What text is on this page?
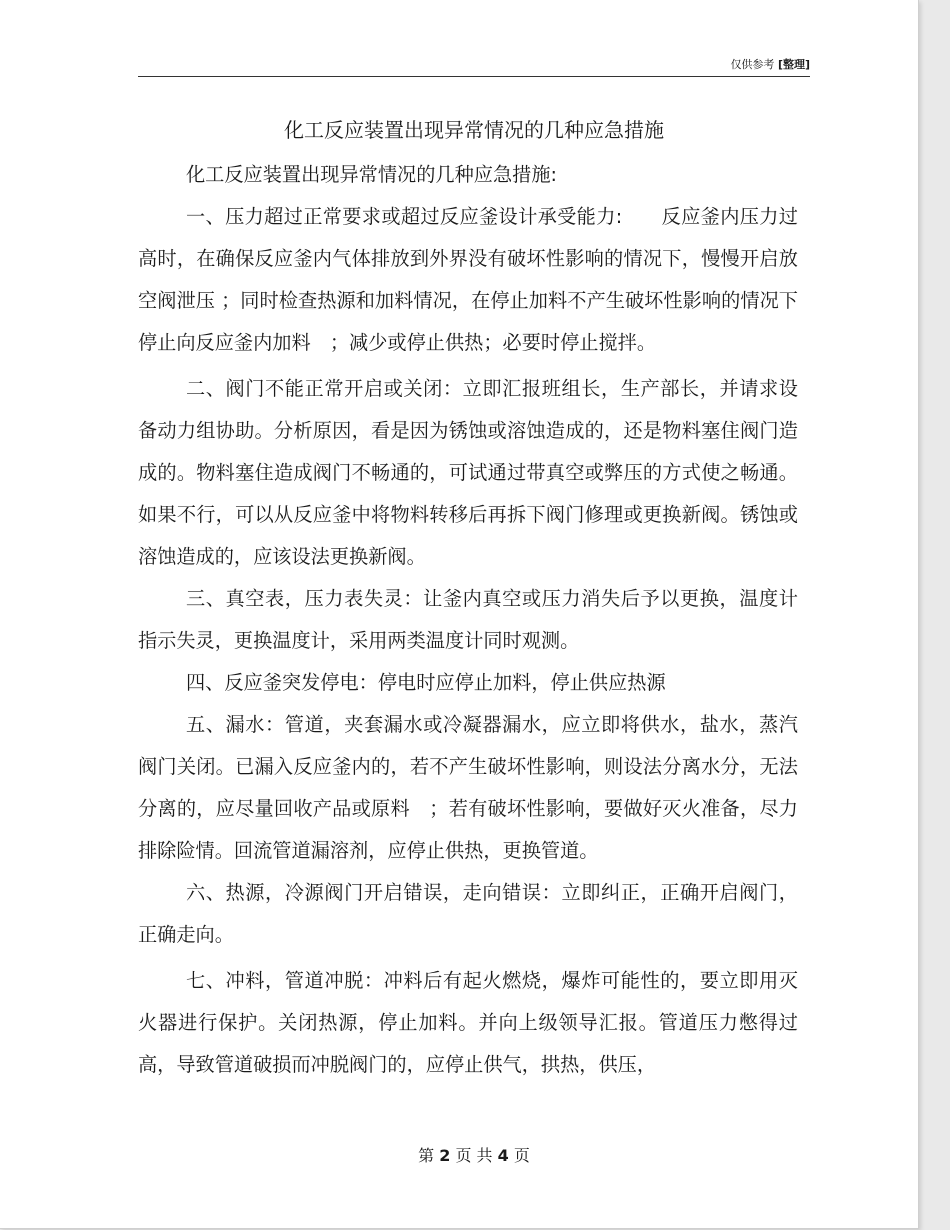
仅供参考 [整理]
化工反应装置出现异常情况的几种应急措施

化工反应装置出现异常情况的几种应急措施:

一、压力超过正常要求或超过反应釜设计承受能力:　　反应釜内压力过高时，在确保反应釜内气体排放到外界没有破坏性影响的情况下，慢慢开启放空阀泄压 ；同时检查热源和加料情况，在停止加料不产生破坏性影响的情况下停止向反应釜内加料　；减少或停止供热；必要时停止搅拌。

二、阀门不能正常开启或关闭：立即汇报班组长，生产部长，并请求设备动力组协助。分析原因，看是因为锈蚀或溶蚀造成的，还是物料塞住阀门造成的。物料塞住造成阀门不畅通的，可试通过带真空或弊压的方式使之畅通。如果不行，可以从反应釜中将物料转移后再拆下阀门修理或更换新阀。锈蚀或溶蚀造成的，应该设法更换新阀。

三、真空表，压力表失灵：让釜内真空或压力消失后予以更换，温度计指示失灵，更换温度计，采用两类温度计同时观测。

四、反应釜突发停电：停电时应停止加料，停止供应热源

五、漏水：管道，夹套漏水或冷凝器漏水，应立即将供水，盐水，蒸汽阀门关闭。已漏入反应釜内的，若不产生破坏性影响，则设法分离水分，无法分离的，应尽量回收产品或原料　；若有破坏性影响，要做好灭火准备，尽力排除险情。回流管道漏溶剂，应停止供热，更换管道。

六、热源，冷源阀门开启错误，走向错误：立即纠正，正确开启阀门，正确走向。

七、冲料，管道冲脱：冲料后有起火燃烧，爆炸可能性的，要立即用灭火器进行保护。关闭热源，停止加料。并向上级领导汇报。管道压力憋得过高，导致管道破损而冲脱阀门的，应停止供气，拱热，供压，

第 2 页 共 4 页
